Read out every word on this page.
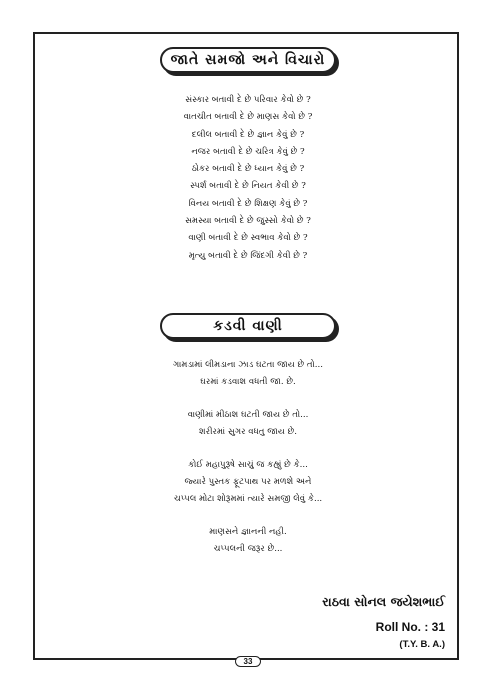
જાતે સમજો અને વિચારો
સંસ્કાર બતાવી દે છે પરિવાર કેવો છે ?
વાતચીત બતાવી દે છે માણસ કેવો છે ?
દલીલ બતાવી દે છે જ્ઞાન કેવું છે ?
નજર બતાવી દે છે ચરિત્ર કેવું છે ?
ઠોકર બતાવી દે છે ધ્યાન કેવું છે ?
સ્પર્શ બતાવી દે છે નિયત કેવી છે ?
વિનય બતાવી દે છે શિક્ષણ કેવું છે ?
સમસ્યા બતાવી દે છે જુસ્સો કેવો છે ?
વાણી બતાવી દે છે સ્વભાવ કેવો છે ?
મૃત્યુ બતાવી દે છે જિંદગી કેવી છે ?
કડવી વાણી
ગામડામાં લીમડાના ઝાડ ઘટતા જાય છે તો...
ઘરમાં કડવાશ વધતી જા. છે.
વાણીમાં મીઠાશ ઘટતી જાય છે તો...
શરીરમાં સુગર વધતુ જાય છે.
કોઈ મહાપુરૂષે સાચું જ કહ્યું છે કે...
જ્યારે પુસ્તક ફૂટપાથ પર મળશે અને
ચપ્પલ મોટા શોરૂમમાં ત્યારે સમજી લેવું કે...
માણસને જ્ઞાનની નહી.
ચપ્પલની જરૂર છે...
રાઠવા સોનલ જયેશભાઈ
Roll No. : 31
(T.Y. B. A.)
33
